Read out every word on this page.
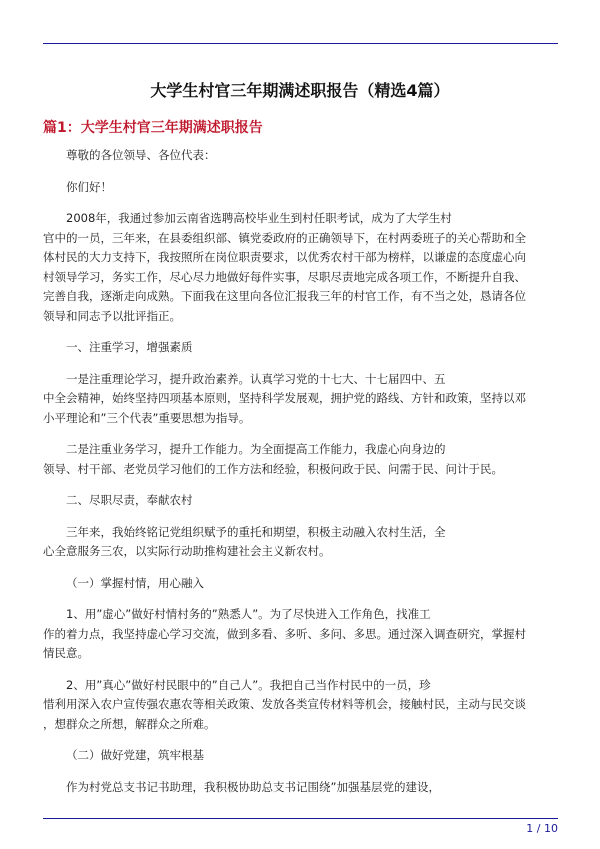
大学生村官三年期满述职报告（精选4篇）
篇1：大学生村官三年期满述职报告

尊敬的各位领导、各位代表：

你们好！

2008年，我通过参加云南省选聘高校毕业生到村任职考试，成为了大学生村
官中的一员，三年来，在县委组织部、镇党委政府的正确领导下，在村两委班子的关心帮助和全
体村民的大力支持下，我按照所在岗位职责要求，以优秀农村干部为榜样，以谦虚的态度虚心向
村领导学习，务实工作，尽心尽力地做好每件实事，尽职尽责地完成各项工作，不断提升自我、
完善自我，逐渐走向成熟。下面我在这里向各位汇报我三年的村官工作，有不当之处，恳请各位
领导和同志予以批评指正。

一、注重学习，增强素质

一是注重理论学习，提升政治素养。认真学习党的十七大、十七届四中、五
中全会精神，始终坚持四项基本原则，坚持科学发展观，拥护党的路线、方针和政策，坚持以邓
小平理论和”三个代表”重要思想为指导。

二是注重业务学习，提升工作能力。为全面提高工作能力，我虚心向身边的
领导、村干部、老党员学习他们的工作方法和经验，积极问政于民、问需于民、问计于民。

二、尽职尽责，奉献农村

三年来，我始终铭记党组织赋予的重托和期望，积极主动融入农村生活，全
心全意服务三农，以实际行动助推构建社会主义新农村。

（一）掌握村情，用心融入

1、用”虚心”做好村情村务的”熟悉人”。为了尽快进入工作角色，找准工
作的着力点，我坚持虚心学习交流，做到多看、多听、多问、多思。通过深入调查研究，掌握村
情民意。

2、用”真心”做好村民眼中的”自己人”。我把自己当作村民中的一员，珍
惜利用深入农户宣传强农惠农等相关政策、发放各类宣传材料等机会，接触村民，主动与民交谈
，想群众之所想，解群众之所难。

（二）做好党建，筑牢根基

作为村党总支书记书助理，我积极协助总支书记围绕”加强基层党的建设，

1 / 10
